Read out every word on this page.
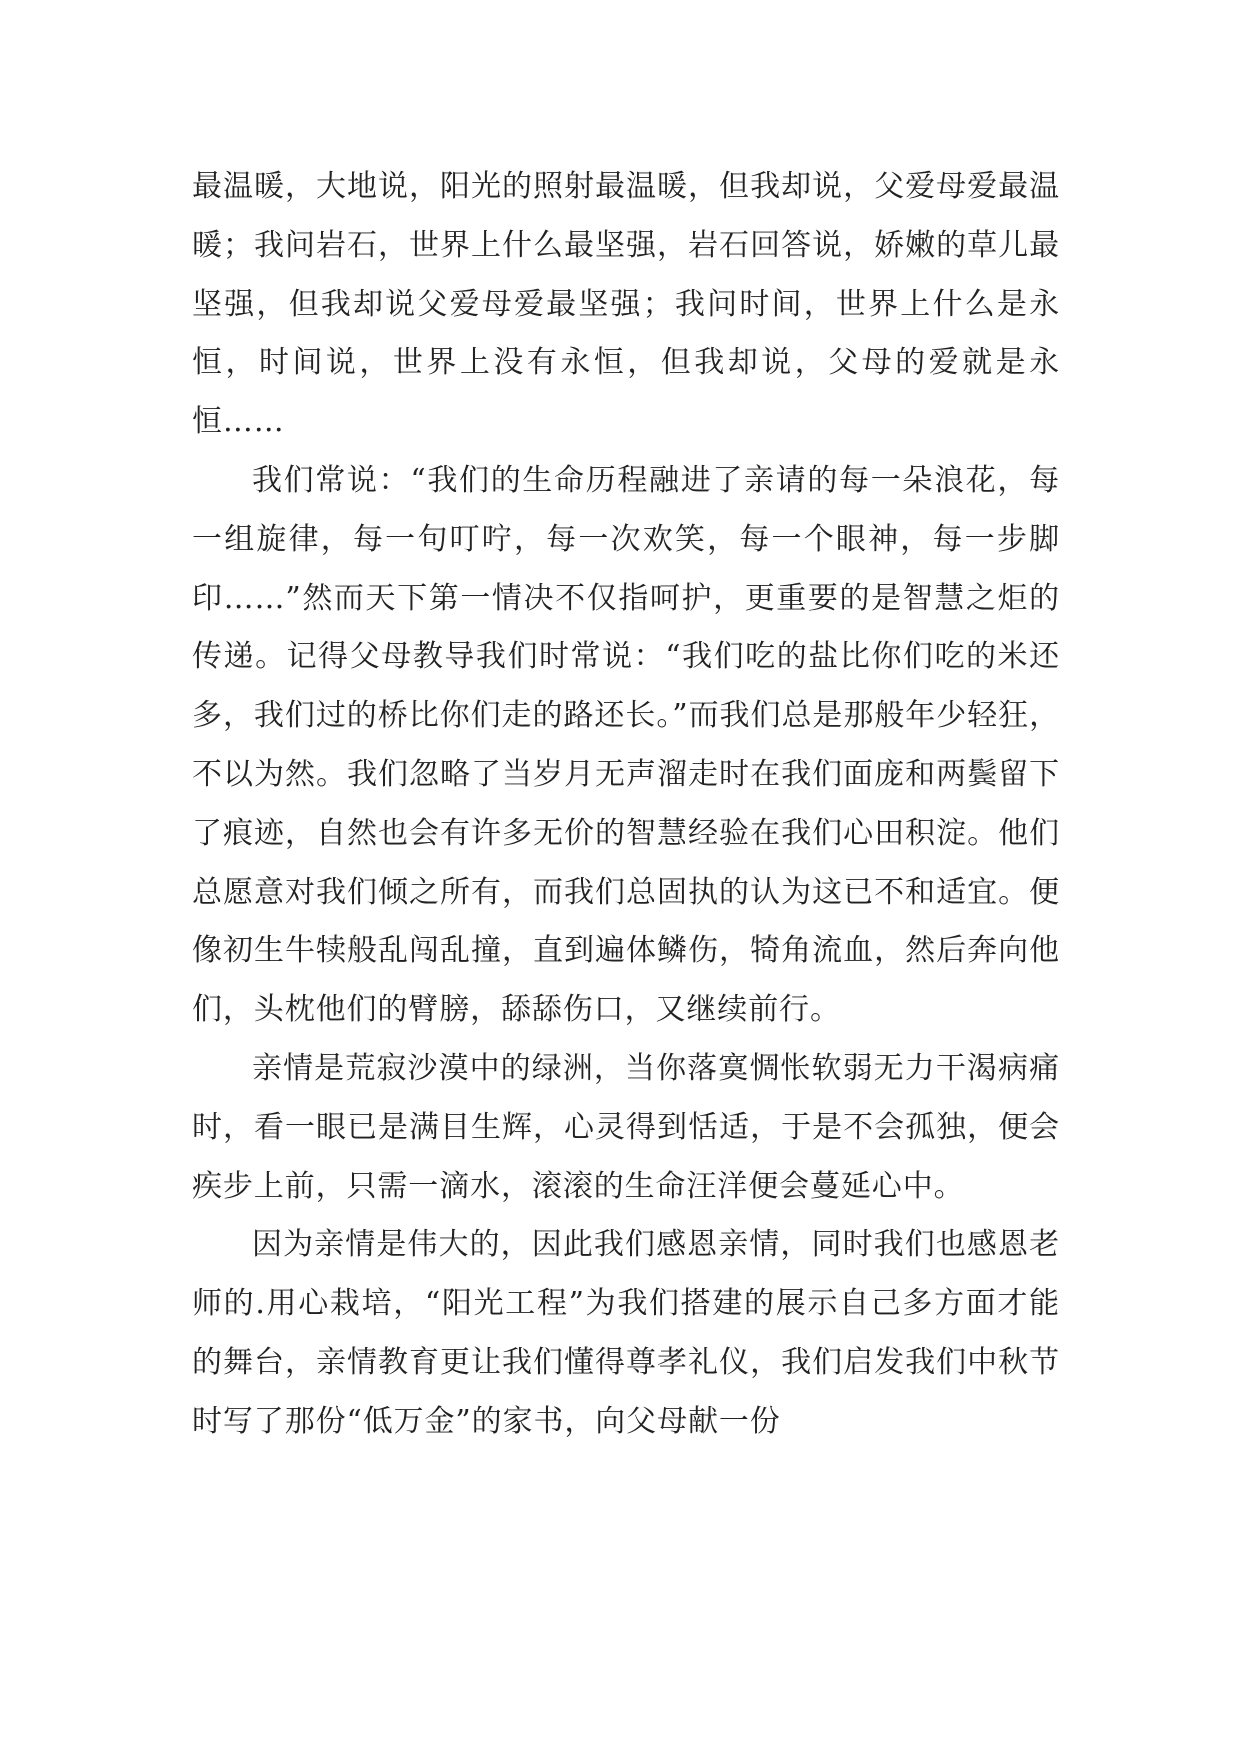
最温暖，大地说，阳光的照射最温暖，但我却说，父爱母爱最温暖；我问岩石，世界上什么最坚强，岩石回答说，娇嫩的草儿最坚强，但我却说父爱母爱最坚强；我问时间，世界上什么是永恒，时间说，世界上没有永恒，但我却说，父母的爱就是永恒……

我们常说：“我们的生命历程融进了亲请的每一朵浪花，每一组旋律，每一句叮咛，每一次欢笑，每一个眼神，每一步脚印……”然而天下第一情决不仅指呵护，更重要的是智慧之炬的传递。记得父母教导我们时常说：“我们吃的盐比你们吃的米还多，我们过的桥比你们走的路还长。”而我们总是那般年少轻狂，不以为然。我们忽略了当岁月无声溜走时在我们面庞和两鬓留下了痕迹，自然也会有许多无价的智慧经验在我们心田积淀。他们总愿意对我们倾之所有，而我们总固执的认为这已不和适宜。便像初生牛犊般乱闯乱撞，直到遍体鳞伤，犄角流血，然后奔向他们，头枕他们的臂膀，舔舔伤口，又继续前行。

亲情是荒寂沙漠中的绿洲，当你落寞惆怅软弱无力干渴病痛时，看一眼已是满目生辉，心灵得到恬适，于是不会孤独，便会疾步上前，只需一滴水，滚滚的生命汪洋便会蔓延心中。

因为亲情是伟大的，因此我们感恩亲情，同时我们也感恩老师的.用心栽培，“阳光工程”为我们搭建的展示自己多方面才能的舞台，亲情教育更让我们懂得尊孝礼仪，我们启发我们中秋节时写了那份“低万金”的家书，向父母献一份
